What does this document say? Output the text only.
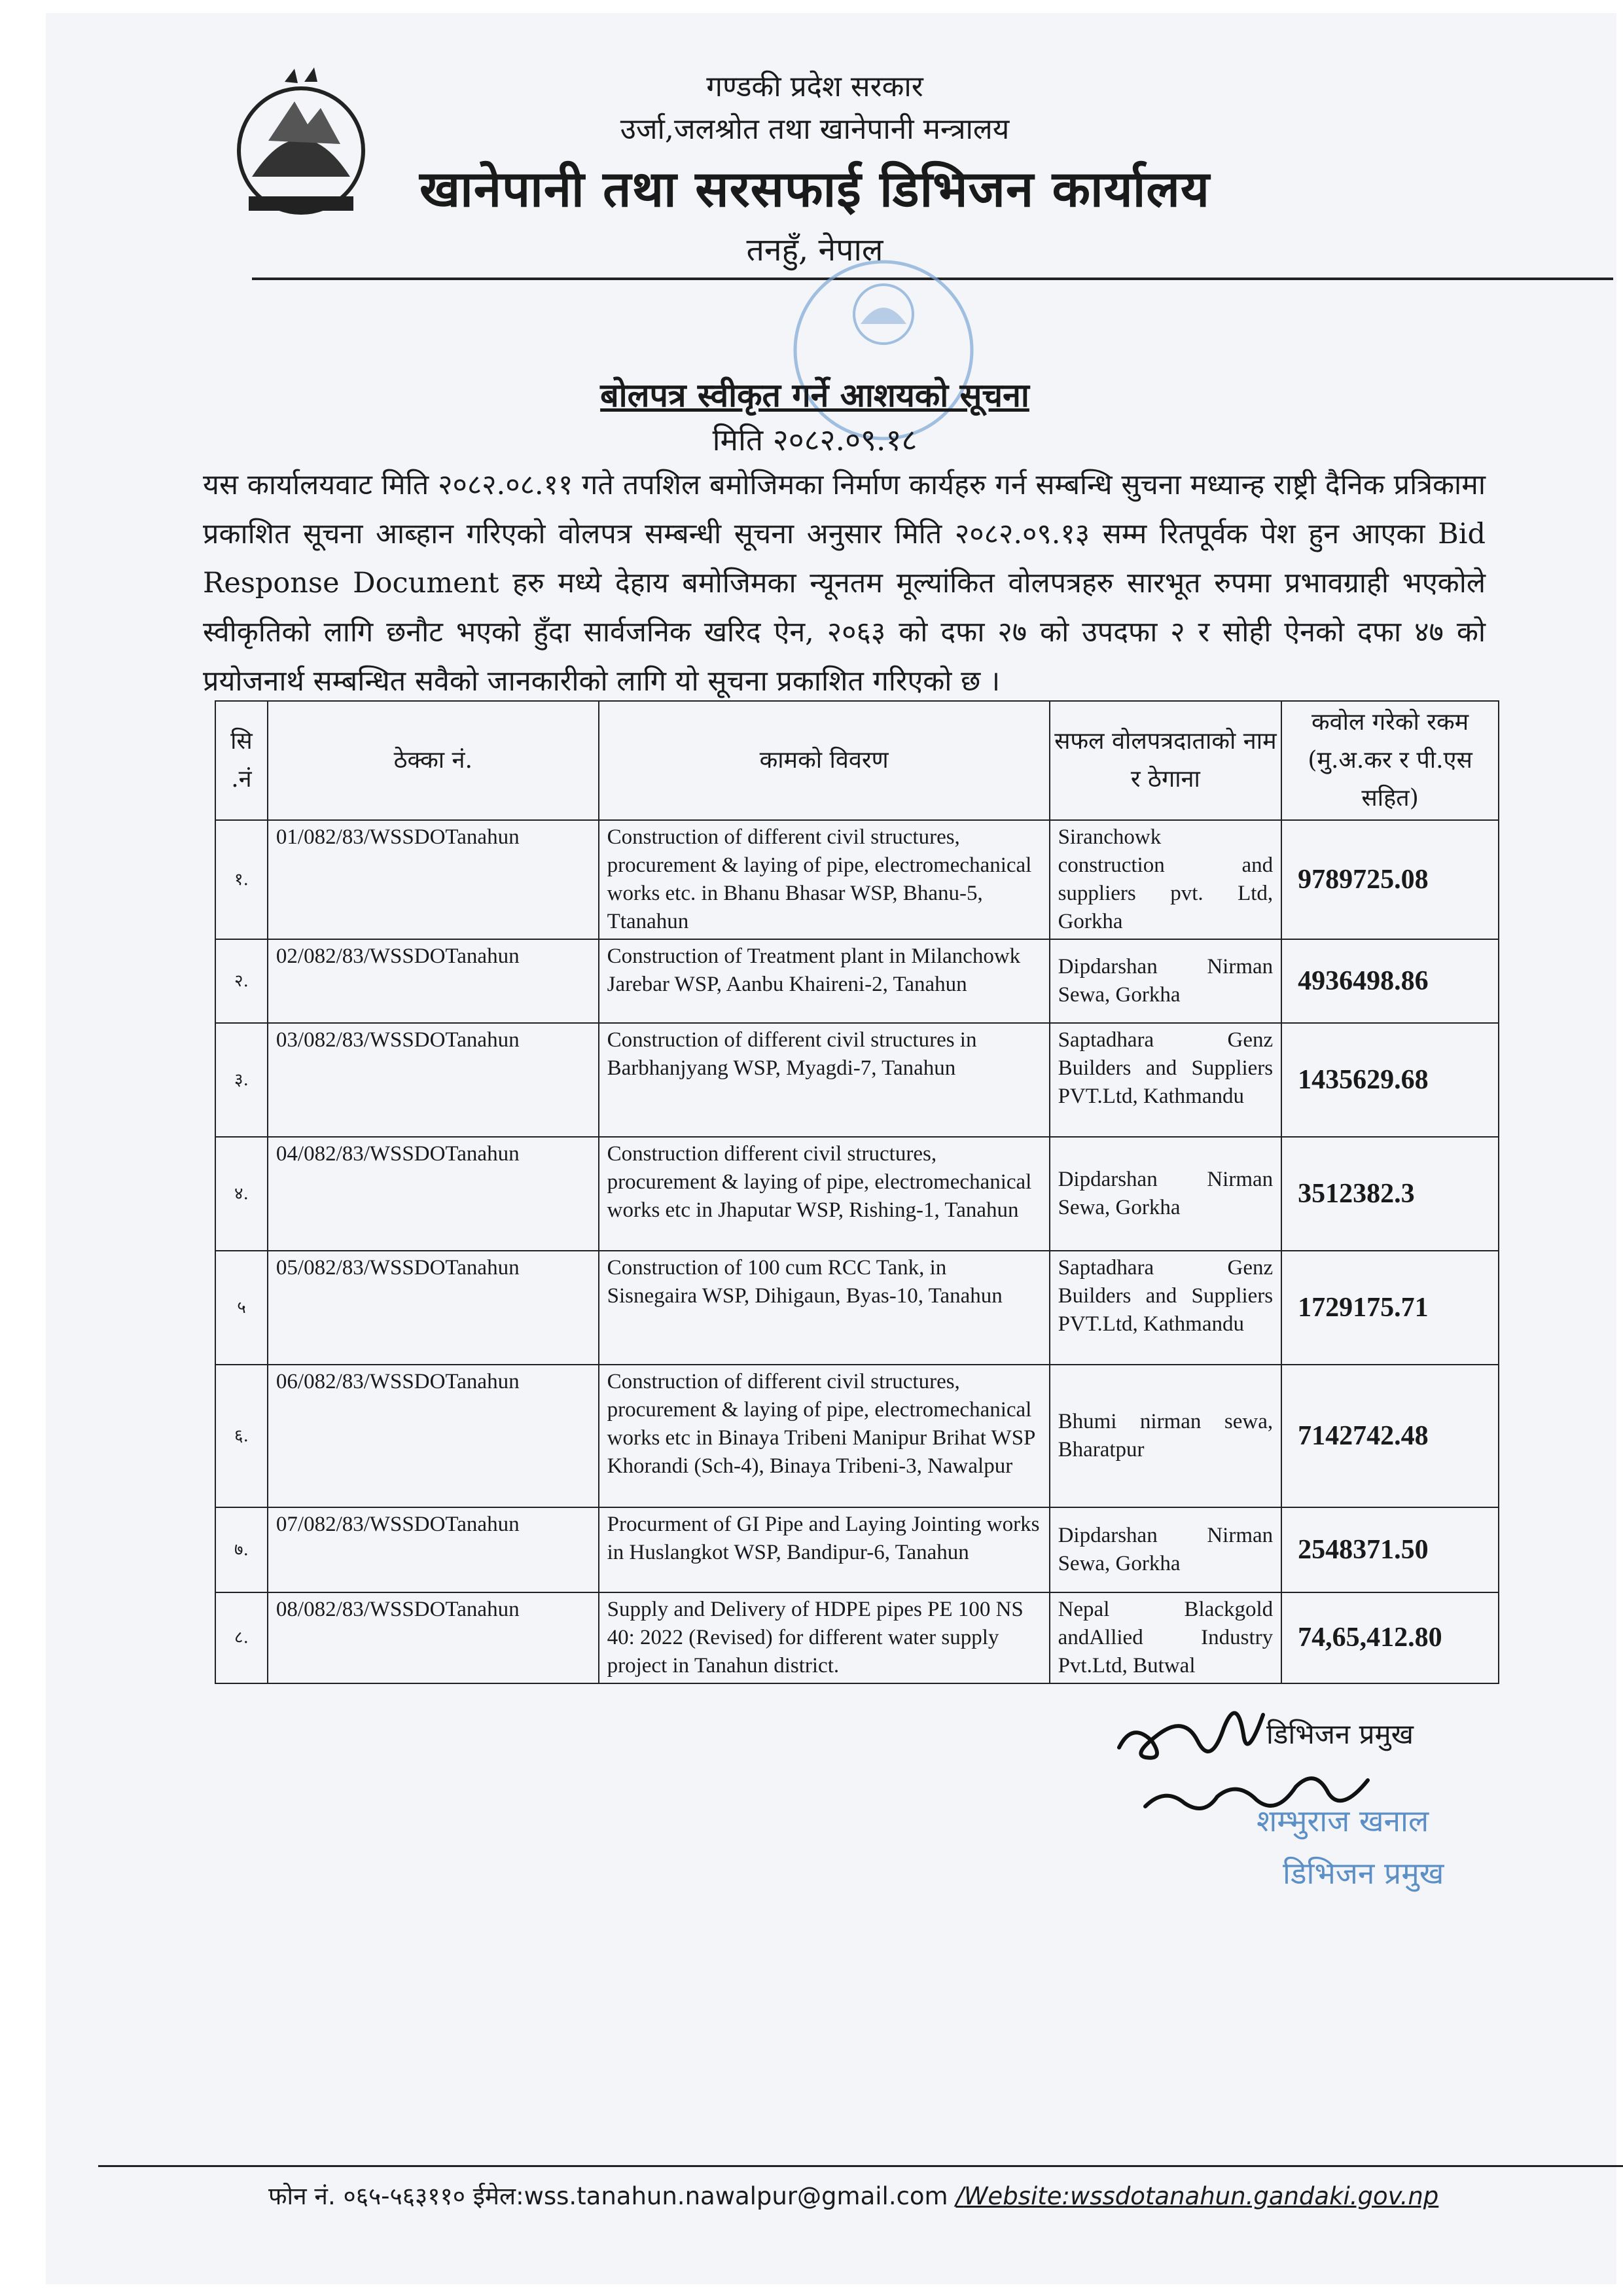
गण्डकी प्रदेश सरकार
उर्जा,जलश्रोत तथा खानेपानी मन्त्रालय
खानेपानी तथा सरसफाई डिभिजन कार्यालय
तनहुँ, नेपाल
बोलपत्र स्वीकृत गर्ने आशयको सूचना
मिति २०८२.०९.१८
यस कार्यालयवाट मिति २०८२.०८.११ गते तपशिल बमोजिमका निर्माण कार्यहरु गर्न सम्बन्धि सुचना मध्यान्ह राष्ट्री दैनिक प्रत्रिकामा प्रकाशित सूचना आब्हान गरिएको वोलपत्र सम्बन्धी सूचना अनुसार मिति २०८२.०९.१३ सम्म रितपूर्वक पेश हुन आएका Bid Response Document हरु मध्ये देहाय बमोजिमका न्यूनतम मूल्यांकित वोलपत्रहरु सारभूत रुपमा प्रभावग्राही भएकोले स्वीकृतिको लागि छनौट भएको हुँदा सार्वजनिक खरिद ऐन, २०६३ को दफा २७ को उपदफा २ र सोही ऐनको दफा ४७ को प्रयोजनार्थ सम्बन्धित सवैको जानकारीको लागि यो सूचना प्रकाशित गरिएको छ ।
सि .नं	ठेक्का नं.	कामको विवरण	सफल वोलपत्रदाताको नाम र ठेगाना	कवोल गरेको रकम (मु.अ.कर र पी.एस सहित)
१.	01/082/83/WSSDOTanahun	Construction of different civil structures, procurement & laying of pipe, electromechanical works etc. in Bhanu Bhasar WSP, Bhanu-5, Ttanahun	Siranchowk construction and suppliers pvt. Ltd, Gorkha	9789725.08
२.	02/082/83/WSSDOTanahun	Construction of Treatment plant in Milanchowk Jarebar WSP, Aanbu Khaireni-2, Tanahun	Dipdarshan Nirman Sewa, Gorkha	4936498.86
३.	03/082/83/WSSDOTanahun	Construction of different civil structures in Barbhanjyang WSP, Myagdi-7, Tanahun	Saptadhara Genz Builders and Suppliers PVT.Ltd, Kathmandu	1435629.68
४.	04/082/83/WSSDOTanahun	Construction different civil structures, procurement & laying of pipe, electromechanical works etc in Jhaputar WSP, Rishing-1, Tanahun	Dipdarshan Nirman Sewa, Gorkha	3512382.3
५	05/082/83/WSSDOTanahun	Construction of 100 cum RCC Tank, in Sisnegaira WSP, Dihigaun, Byas-10, Tanahun	Saptadhara Genz Builders and Suppliers PVT.Ltd, Kathmandu	1729175.71
६.	06/082/83/WSSDOTanahun	Construction of different civil structures, procurement & laying of pipe, electromechanical works etc in Binaya Tribeni Manipur Brihat WSP Khorandi (Sch-4), Binaya Tribeni-3, Nawalpur	Bhumi nirman sewa, Bharatpur	7142742.48
७.	07/082/83/WSSDOTanahun	Procurment of GI Pipe and Laying Jointing works in Huslangkot WSP, Bandipur-6, Tanahun	Dipdarshan Nirman Sewa, Gorkha	2548371.50
८.	08/082/83/WSSDOTanahun	Supply and Delivery of HDPE pipes PE 100 NS 40: 2022 (Revised) for different water supply project in Tanahun district.	Nepal Blackgold andAllied Industry Pvt.Ltd, Butwal	74,65,412.80
डिभिजन प्रमुख
शम्भुराज खनाल
डिभिजन प्रमुख
फोन नं. ०६५-५६३११० ईमेल:wss.tanahun.nawalpur@gmail.com /Website:wssdotanahun.gandaki.gov.np
